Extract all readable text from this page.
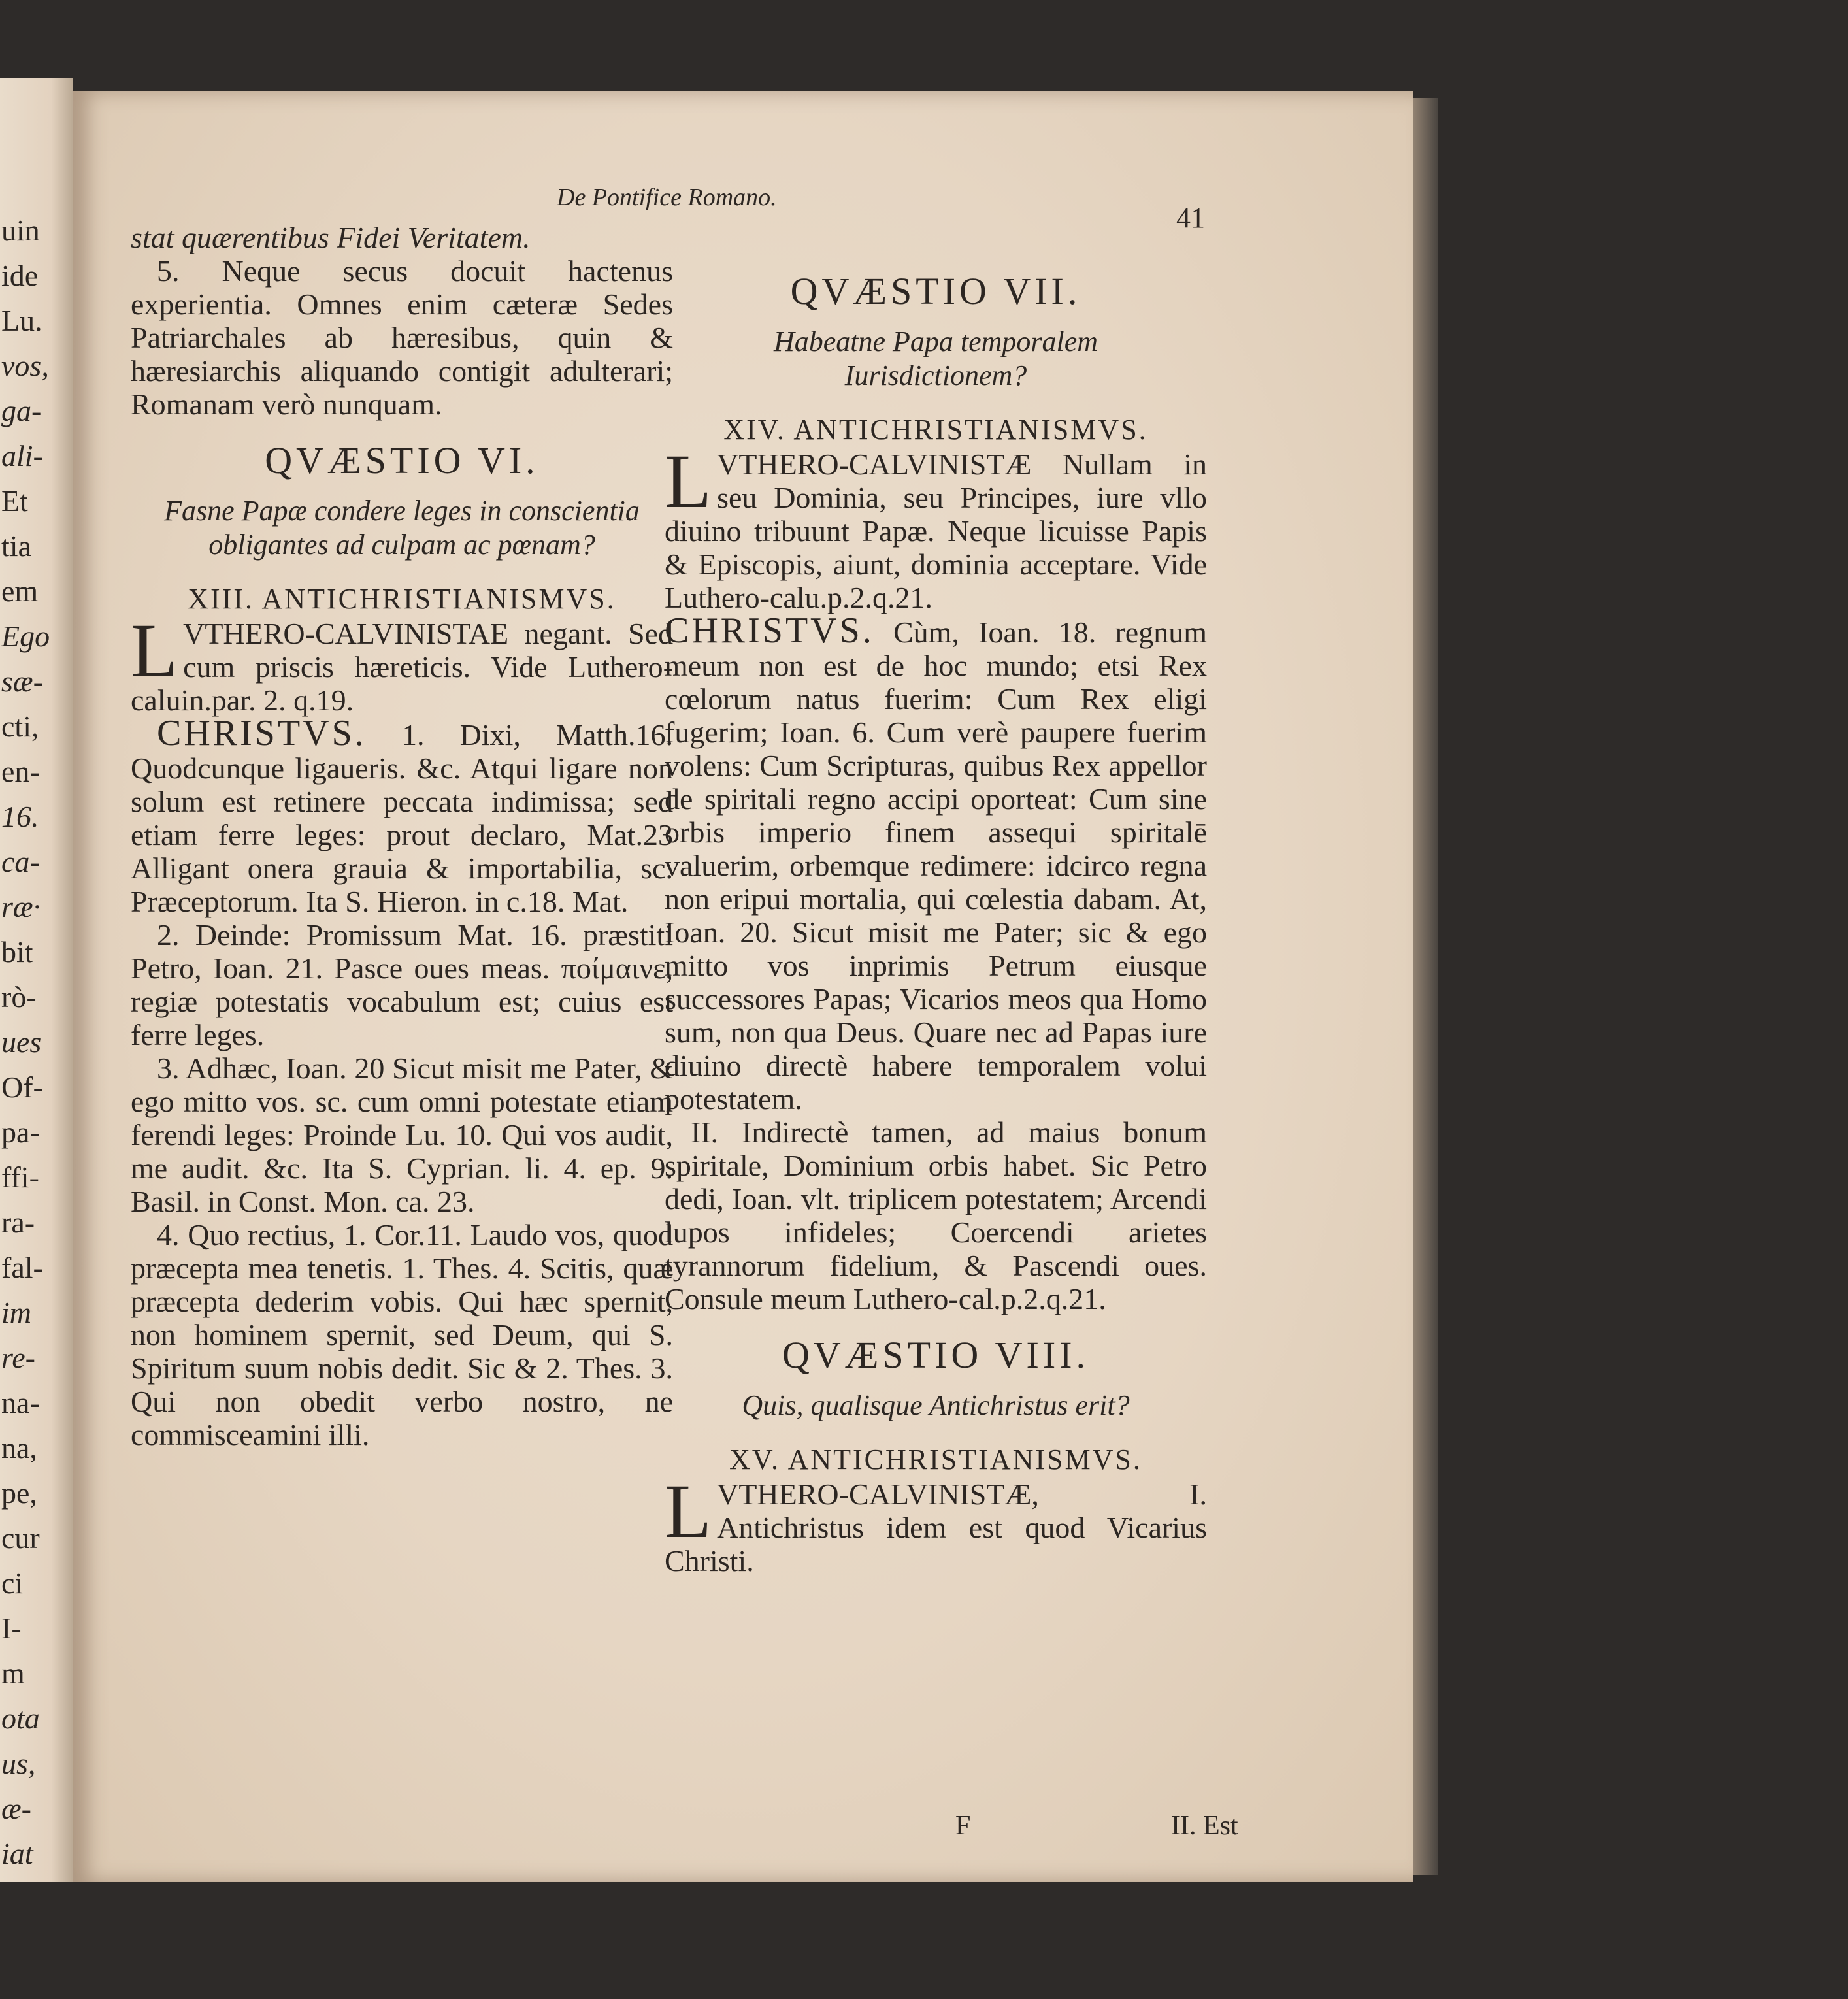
uin
ide
Lu.
vos,
ga-
ali-
Et
tia
em
Ego
sæ-
cti,
en-
16.
ca-
ræ·
bit
rò-
ues
Of-
pa-
ffi-
ra-
fal-
im
re-
na-
na,
pe,
cur
ci
I-
m
ota
us,
æ-
iat
De Pontifice Romano.
41

stat quærentibus Fidei Veritatem.

5. Neque secus docuit hactenus experientia. Omnes enim cæteræ Sedes Patriarchales ab hæresibus, quin & hæresiarchis aliquando contigit adulterari; Romanam verò nunquam.

QVÆSTIO VI.
Fasne Papæ condere leges in conscientia obligantes ad culpam ac pœnam?
XIII. ANTICHRISTIANISMVS.
LVTHERO-CALVINISTAE negant. Sed cum priscis hæreticis. Vide Luthero-caluin.par. 2. q.19.

CHRISTVS. 1. Dixi, Matth.16. Quodcunque ligaueris. &c. Atqui ligare non solum est retinere peccata indimissa; sed etiam ferre leges: prout declaro, Mat.23 Alligant onera grauia & importabilia, sc. Præceptorum. Ita S. Hieron. in c.18. Mat.

2. Deinde: Promissum Mat. 16. præstiti Petro, Ioan. 21. Pasce oues meas. ποίμαινε, regiæ potestatis vocabulum est; cuius est ferre leges.

3. Adhæc, Ioan. 20 Sicut misit me Pater, & ego mitto vos. sc. cum omni potestate etiam ferendi leges: Proinde Lu. 10. Qui vos audit, me audit. &c. Ita S. Cyprian. li. 4. ep. 9. Basil. in Const. Mon. ca. 23.

4. Quo rectius, 1. Cor.11. Laudo vos, quod præcepta mea tenetis. 1. Thes. 4. Scitis, quæ præcepta dederim vobis. Qui hæc spernit, non hominem spernit, sed Deum, qui S. Spiritum suum nobis dedit. Sic & 2. Thes. 3. Qui non obedit verbo nostro, ne commisceamini illi.

QVÆSTIO VII.
Habeatne Papa temporalem Iurisdictionem?
XIV. ANTICHRISTIANISMVS.
LVTHERO-CALVINISTÆ Nullam in seu Dominia, seu Principes, iure vllo diuino tribuunt Papæ. Neque licuisse Papis & Episcopis, aiunt, dominia acceptare. Vide Luthero-calu.p.2.q.21.

CHRISTVS. Cùm, Ioan. 18. regnum meum non est de hoc mundo; etsi Rex cœlorum natus fuerim: Cum Rex eligi fugerim; Ioan. 6. Cum verè paupere fuerim volens: Cum Scripturas, quibus Rex appellor de spiritali regno accipi oporteat: Cum sine orbis imperio finem assequi spiritalē valuerim, orbemque redimere: idcirco regna non eripui mortalia, qui cœlestia dabam. At, Ioan. 20. Sicut misit me Pater; sic & ego mitto vos inprimis Petrum eiusque successores Papas; Vicarios meos qua Homo sum, non qua Deus. Quare nec ad Papas iure diuino directè habere temporalem volui potestatem.

II. Indirectè tamen, ad maius bonum spiritale, Dominium orbis habet. Sic Petro dedi, Ioan. vlt. triplicem potestatem; Arcendi lupos infideles; Coercendi arietes tyrannorum fidelium, & Pascendi oues. Consule meum Luthero-cal.p.2.q.21.

QVÆSTIO VIII.
Quis, qualisque Antichristus erit?
XV. ANTICHRISTIANISMVS.
LVTHERO-CALVINISTÆ, I. Antichristus idem est quod Vicarius Christi.
F	II. Est
